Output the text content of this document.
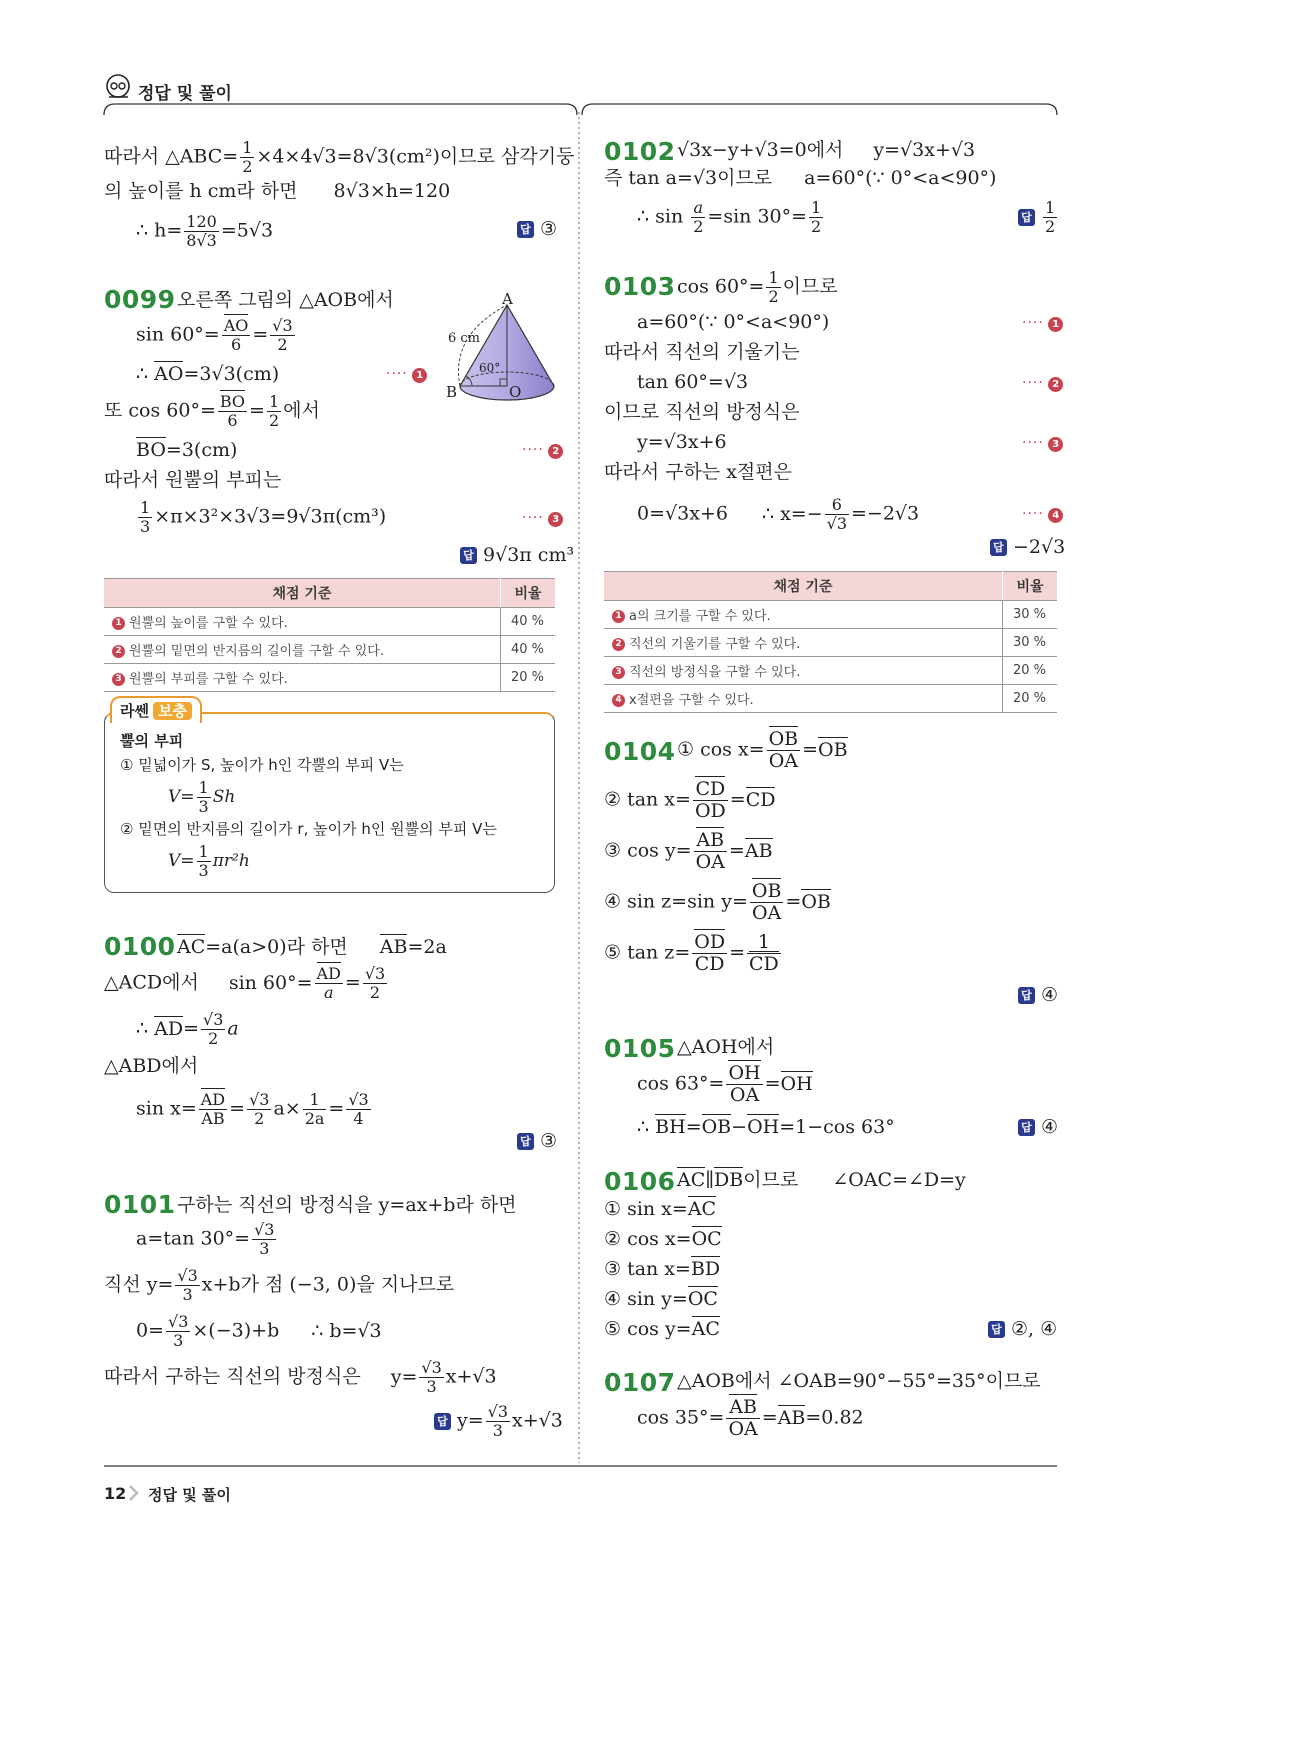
정답 및 풀이
따라서 △ABC= $\frac{1}{2} \times 4\times 4√3=8√3(cm^2)$이므로 삼각기둥
의 높이를 h cm라 하면 8√3×h=120
∴ $h= \frac{120}{8√3} =5√3$	답 ③
0099 오른쪽 그림의 △AOB에서
$\sin 60^\circ= \frac{AO}{6} = \frac{√3}{2}$
∴ AO=3√3(cm)	···· 1
또 $\cos 60^\circ= \frac{BO}{6} = \frac{1}{2}$ 에서
BO=3(cm)	···· 2
따라서 원뿔의 부피는
$\frac{1}{3} \times\pi\times 3^2\times 3√3=9√3\pi(cm^3)$	···· 3
답 9√3π cm³
A
B	O
6 cm
60°
채점 기준	비율
1 원뿔의 높이를 구할 수 있다.	40 %
2 원뿔의 밑면의 반지름의 길이를 구할 수 있다.	40 %
3 원뿔의 부피를 구할 수 있다.	20 %
라쎈 보충
뿔의 부피
① 밑넓이가 S, 높이가 h인 각뿔의 부피 V는
$V= \frac{1}{3}$ Sh
② 밑면의 반지름의 길이가 r, 높이가 h인 원뿔의 부피 V는
$V= \frac{1}{3} \pi r^2h$
0100 AC=a(a>0)라 하면 AB=2a
△ACD에서 $\sin 60^\circ= \frac{AD}{a} = \frac{√3}{2}$
∴ $AD= \frac{√3}{2}$ a
△ABD에서
$\sin x= \frac{AD}{AB} = \frac{√3}{2} a\times \frac{1}{2a} = \frac{√3}{4}$
답 ③
0101 구하는 직선의 방정식을 y=ax+b라 하면
a=tan $30^\circ= \frac{√3}{3}$
직선 $y= \frac{√3}{3} x+b$가 점 (−3, 0)을 지나므로
$0= \frac{√3}{3} \times(-3)+b$ ∴ b=√3
따라서 구하는 직선의 방정식은 $y= \frac{√3}{3} x+√3$
답 $y= \frac{√3}{3} x+√3$
0102 √3x−y+√3=0에서 y=√3x+√3
즉 tan a=√3이므로 a=60°(∵ 0°<a<90°)
∴ $\sin \frac{a}{2} =\sin$ $30^\circ= \frac{1}{2}$	답 $\frac{1}{2}$
0103 $\cos 60^\circ= \frac{1}{2}$ 이므로
a=60°(∵ 0°<a<90°)	···· 1
따라서 직선의 기울기는
tan 60°=√3	···· 2
이므로 직선의 방정식은
y=√3x+6	···· 3
따라서 구하는 x절편은
0=√3x+6 ∴ $x=- \frac{6}{√3} =-2√3$	···· 4
답 −2√3
채점 기준	비율
1 a의 크기를 구할 수 있다.	30 %
2 직선의 기울기를 구할 수 있다.	30 %
3 직선의 방정식을 구할 수 있다.	20 %
4 x절편을 구할 수 있다.	20 %
0104 ① $\cos x= \frac{OB}{OA} =OB$
② $\tan x= \frac{CD}{OD} =CD$
③ $\cos y= \frac{AB}{OA} =AB$
④ sin z=sin $y= \frac{OB}{OA} =OB$
⑤ $\tan z= \frac{OD}{CD} = \frac{1}{CD}$
답 ④
0105 △AOH에서
$\cos 63^\circ= \frac{OH}{OA} =OH$
∴ BH=OB−OH=1−cos 63°	답 ④
0106 AC∥DB이므로 ∠OAC=∠D=y
① sin x=AC
② cos x=OC
③ tan x=BD
④ sin y=OC
⑤ cos y=AC	답 ②, ④
0107 △AOB에서 ∠OAB=90°−55°=35°이므로
$\cos 35^\circ= \frac{AB}{OA} =AB=0.82$
12 정답 및 풀이
